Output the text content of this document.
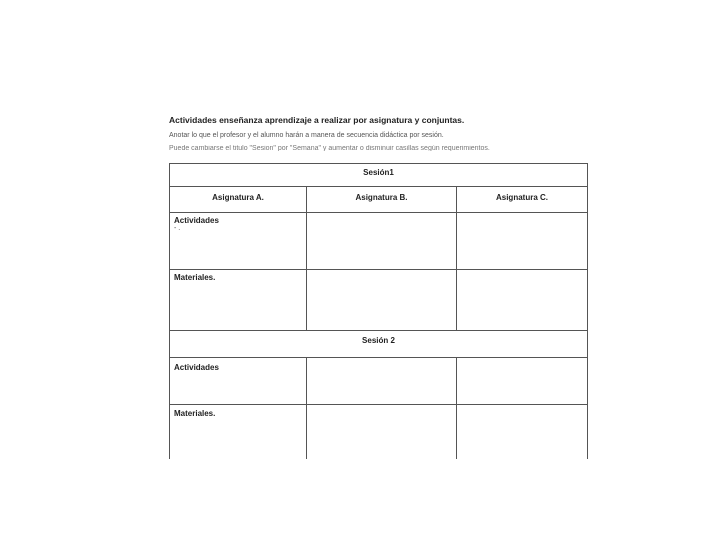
Actividades enseñanza aprendizaje a realizar por asignatura y conjuntas.
Anotar lo que el profesor y el alumno harán a manera de secuencia didáctica por sesión.
Puede cambiarse el titulo "Sesion" por "Semana" y aumentar o disminuir casillas según requerimientos.
Sesión1
Asignatura A.	Asignatura B.	Asignatura C.
Actividades
- .
Materiales.
Sesión 2
Actividades
Materiales.
